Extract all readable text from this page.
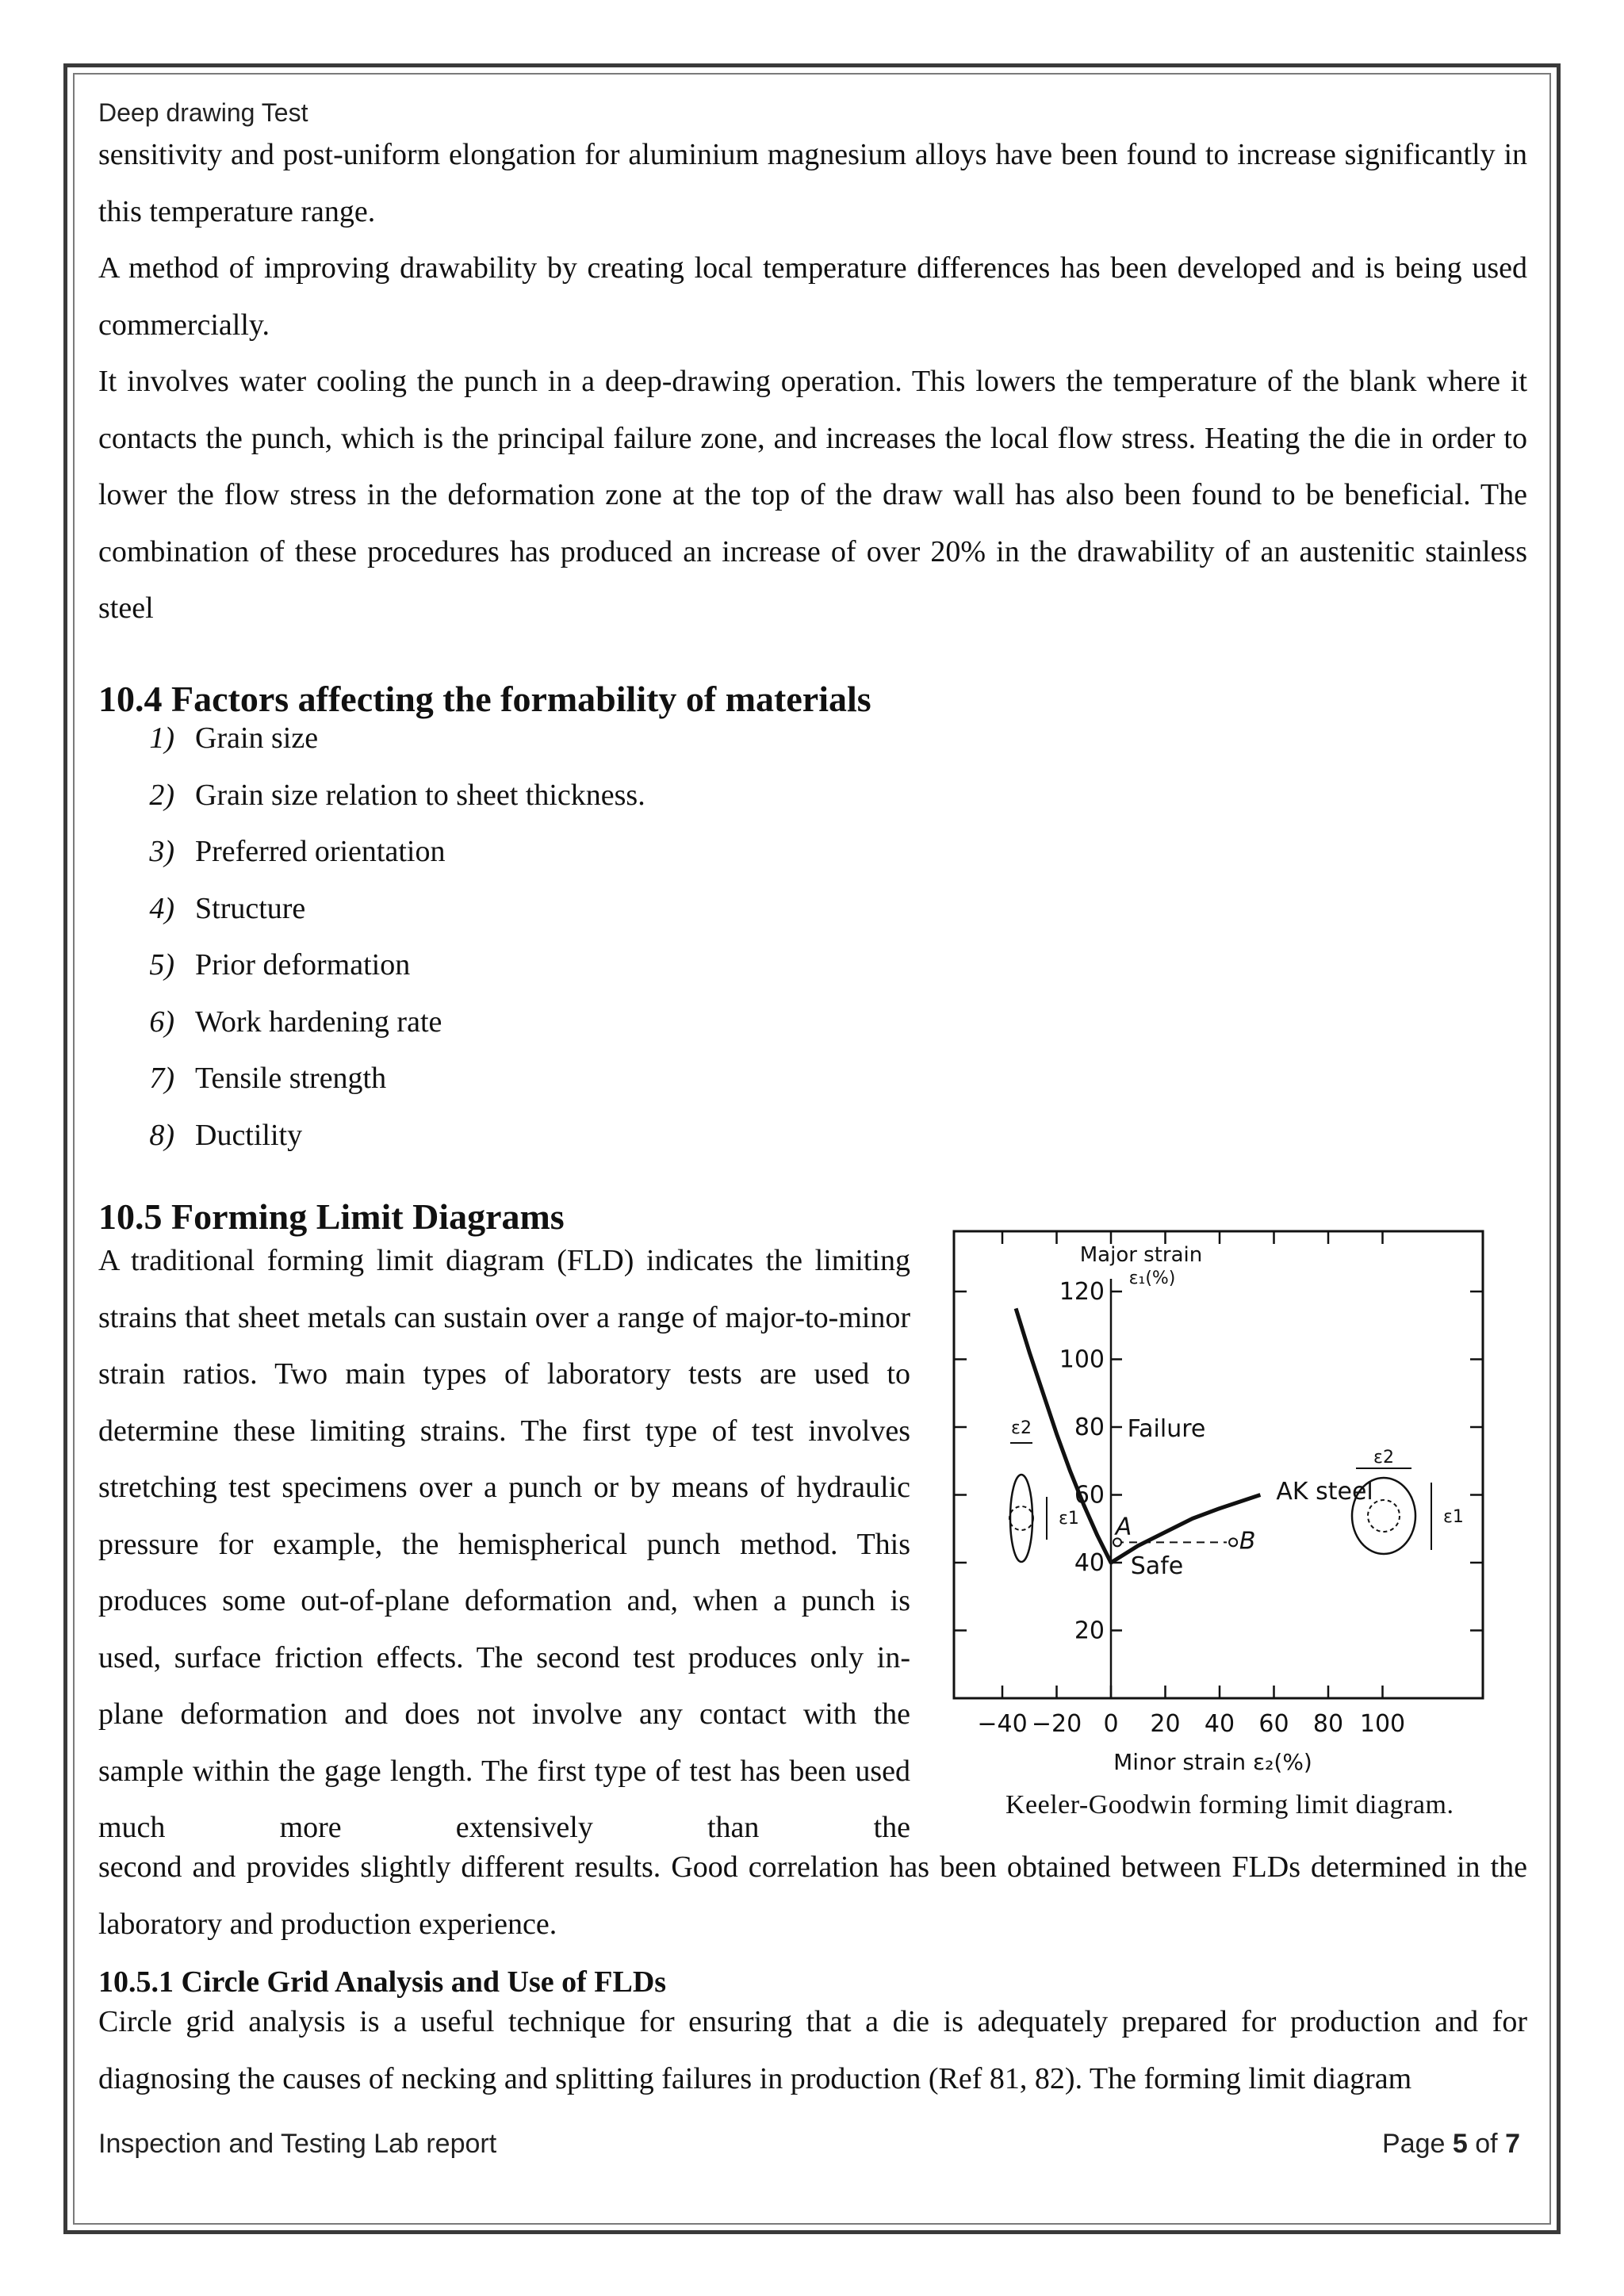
Deep drawing Test
sensitivity and post-uniform elongation for aluminium magnesium alloys have been found to increase significantly in this temperature range.
A method of improving drawability by creating local temperature differences has been developed and is being used commercially.
It involves water cooling the punch in a deep-drawing operation. This lowers the temperature of the blank where it contacts the punch, which is the principal failure zone, and increases the local flow stress. Heating the die in order to lower the flow stress in the deformation zone at the top of the draw wall has also been found to be beneficial. The combination of these procedures has produced an increase of over 20% in the drawability of an austenitic stainless steel
10.4 Factors affecting the formability of materials
1) Grain size
2) Grain size relation to sheet thickness.
3) Preferred orientation
4) Structure
5) Prior deformation
6) Work hardening rate
7) Tensile strength
8) Ductility
10.5 Forming Limit Diagrams
A traditional forming limit diagram (FLD) indicates the limiting strains that sheet metals can sustain over a range of major-to-minor strain ratios. Two main types of laboratory tests are used to determine these limiting strains. The first type of test involves stretching test specimens over a punch or by means of hydraulic pressure for example, the hemispherical punch method. This produces some out-of-plane deformation and, when a punch is used, surface friction effects. The second test produces only in-plane deformation and does not involve any contact with the sample within the gage length. The first type of test has been used much more extensively than the
20
40
60
80
100
120
−40 −20 0 20 40 60 80 100
Major strain
ε₁(%)
Minor strain ε₂(%)
A
B
Failure
Safe
AK steel
ε2
ε1
ε2
ε1
Keeler-Goodwin forming limit diagram.
second and provides slightly different results. Good correlation has been obtained between FLDs determined in the laboratory and production experience.
10.5.1 Circle Grid Analysis and Use of FLDs
Circle grid analysis is a useful technique for ensuring that a die is adequately prepared for production and for diagnosing the causes of necking and splitting failures in production (Ref 81, 82). The forming limit diagram
Inspection and Testing Lab report	Page 5 of 7
